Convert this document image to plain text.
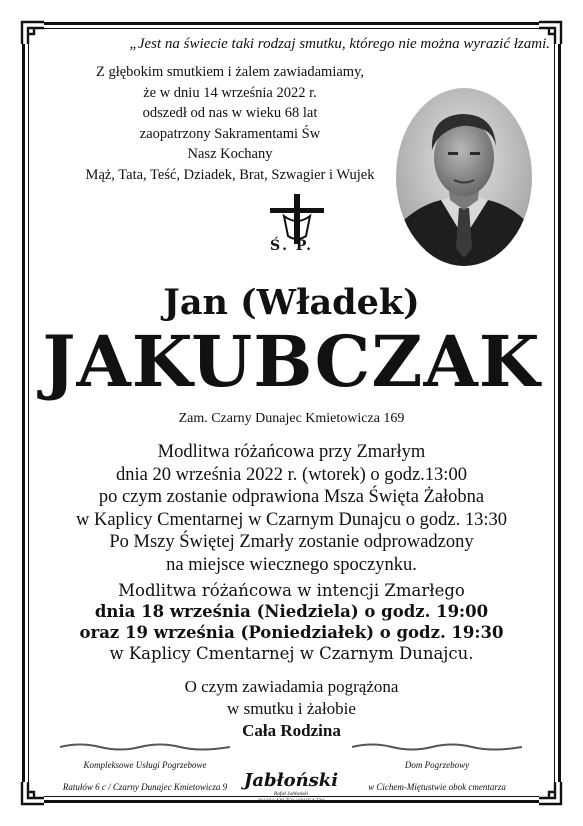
„Jest na świecie taki rodzaj smutku, którego nie można wyrazić łzami.
Z głębokim smutkiem i żalem zawiadamiamy,
że w dniu 14 września 2022 r.
odszedł od nas w wieku 68 lat
zaopatrzony Sakramentami Św
Nasz Kochany
Mąż, Tata, Teść, Dziadek, Brat, Szwagier i Wujek
Ś. P.
Jan (Władek)
JAKUBCZAK
Zam. Czarny Dunajec Kmietowicza 169
Modlitwa różańcowa przy Zmarłym
dnia 20 września 2022 r. (wtorek) o godz.13:00
po czym zostanie odprawiona Msza Święta Żałobna
w Kaplicy Cmentarnej w Czarnym Dunajcu o godz. 13:30
Po Mszy Świętej Zmarły zostanie odprowadzony
na miejsce wiecznego spoczynku.
Modlitwa różańcowa w intencji Zmarłego
dnia 18 września (Niedziela) o godz. 19:00
oraz 19 września (Poniedziałek) o godz. 19:30
w Kaplicy Cmentarnej w Czarnym Dunajcu.
O czym zawiadamia pogrążona
w smutku i żałobie
Cała Rodzina
Kompleksowe Usługi Pogrzebowe
Ratułów 6 c / Czarny Dunajec Kmietowicza 9 Jabłoński
Rafał Jabłoński
Tel 661 429 750 / 601054 720
Dom Pogrzebowy
w Cichem-Miętustwie obok cmentarza
